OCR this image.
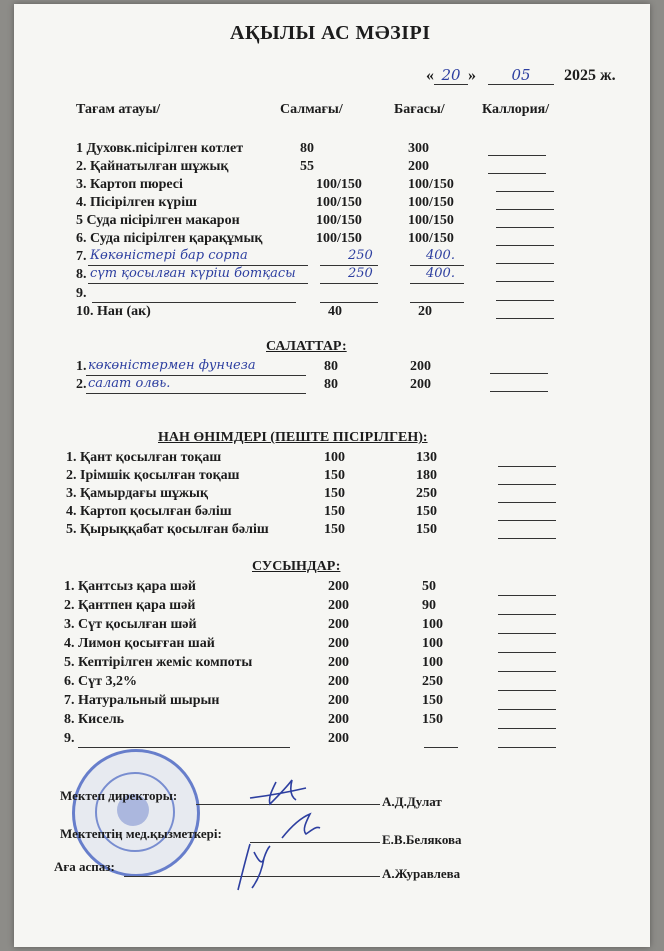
АҚЫЛЫ АС МӘЗІРІ
« 20 » 05 2025 ж.
Тағам атауы/	Салмағы/	Бағасы/	Каллория/
1 Духовк.пісірілген котлет	80	300
2. Қайнатылған шұжық	55	200
3. Картоп пюресі	100/150	100/150
4. Пісірілген күріш	100/150	100/150
5 Суда пісірілген макарон	100/150	100/150
6. Суда пісірілген қарақұмық	100/150	100/150
7. Көкөністері бар сорпа	250	400.
8. сүт қосылған күріш ботқасы	250	400.
9.
10. Нан (ак)	40	20
САЛАТТАР:
1. көкөністермен фунчеза	80	200
2. салат олвь.	80	200
НАН ӨНІМДЕРІ (ПЕШТЕ ПІСІРІЛГЕН):
1. Қант қосылған тоқаш	100	130
2. Ірімшік қосылған тоқаш	150	180
3. Қамырдағы шұжық	150	250
4. Картоп қосылған бәліш	150	150
5. Қырыққабат қосылған бәліш	150	150
СУСЫНДАР:
1. Қантсыз қара шәй	200	50
2. Қантпен қара шәй	200	90
3. Сүт қосылған шәй	200	100
4. Лимон қосығған шай	200	100
5. Кептірілген жеміс компоты	200	100
6. Сүт 3,2%	200	250
7. Натуральный шырын	200	150
8. Кисель	200	150
9.	200
Мектеп директоры:	А.Д.Дулат
Мектептің мед.қызметкері:	Е.В.Белякова
Аға аспаз:	А.Журавлева
